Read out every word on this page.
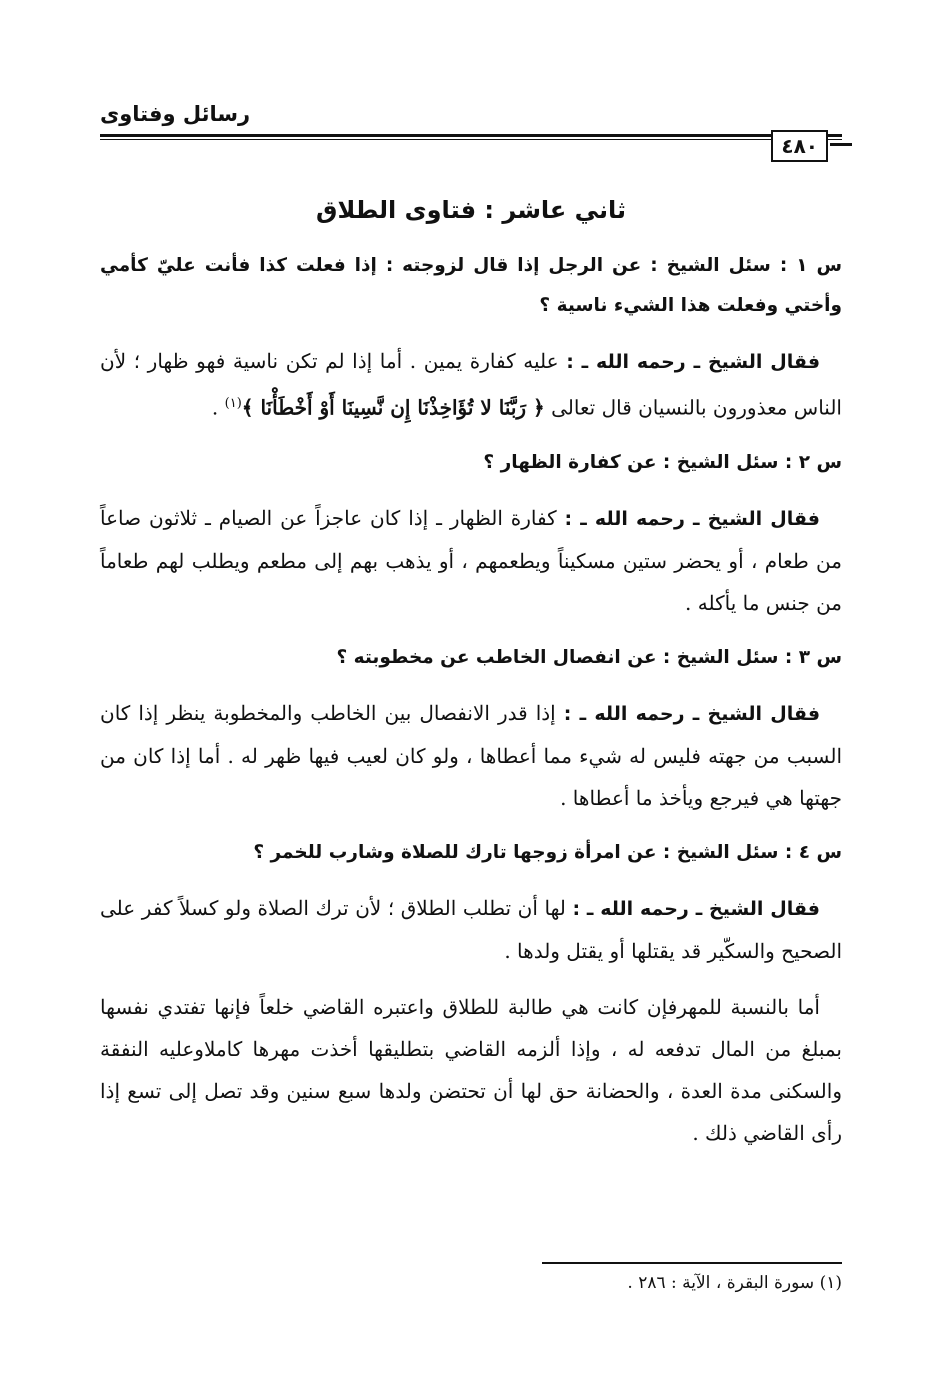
رسائل وفتاوى
٤٨٠
ثاني عاشر : فتاوى الطلاق

س ١ : سئل الشيخ : عن الرجل إذا قال لزوجته : إذا فعلت كذا فأنت عليّ كأمي وأختي وفعلت هذا الشيء ناسية ؟

فقال الشيخ ـ رحمه الله ـ : عليه كفارة يمين . أما إذا لم تكن ناسية فهو ظهار ؛ لأن الناس معذورون بالنسيان قال تعالى ﴿ رَبَّنَا لا تُؤَاخِذْنَا إِن نَّسِينَا أَوْ أَخْطَأْنَا ﴾$^{(١)}$ .

س ٢ : سئل الشيخ : عن كفارة الظهار ؟

فقال الشيخ ـ رحمه الله ـ : كفارة الظهار ـ إذا كان عاجزاً عن الصيام ـ ثلاثون صاعاً من طعام ، أو يحضر ستين مسكيناً ويطعمهم ، أو يذهب بهم إلى مطعم ويطلب لهم طعاماً من جنس ما يأكله .

س ٣ : سئل الشيخ : عن انفصال الخاطب عن مخطوبته ؟

فقال الشيخ ـ رحمه الله ـ : إذا قدر الانفصال بين الخاطب والمخطوبة ينظر إذا كان السبب من جهته فليس له شيء مما أعطاها ، ولو كان لعيب فيها ظهر له . أما إذا كان من جهتها هي فيرجع ويأخذ ما أعطاها .

س ٤ : سئل الشيخ : عن امرأة زوجها تارك للصلاة وشارب للخمر ؟

فقال الشيخ ـ رحمه الله ـ : لها أن تطلب الطلاق ؛ لأن ترك الصلاة ولو كسلاً كفر على الصحيح والسكّير قد يقتلها أو يقتل ولدها .

أما بالنسبة للمهرفإن كانت هي طالبة للطلاق واعتبره القاضي خلعاً فإنها تفتدي نفسها بمبلغ من المال تدفعه له ، وإذا ألزمه القاضي بتطليقها أخذت مهرها كاملاوعليه النفقة والسكنى مدة العدة ، والحضانة حق لها أن تحتضن ولدها سبع سنين وقد تصل إلى تسع إذا رأى القاضي ذلك .

(١) سورة البقرة ، الآية : ٢٨٦ .
